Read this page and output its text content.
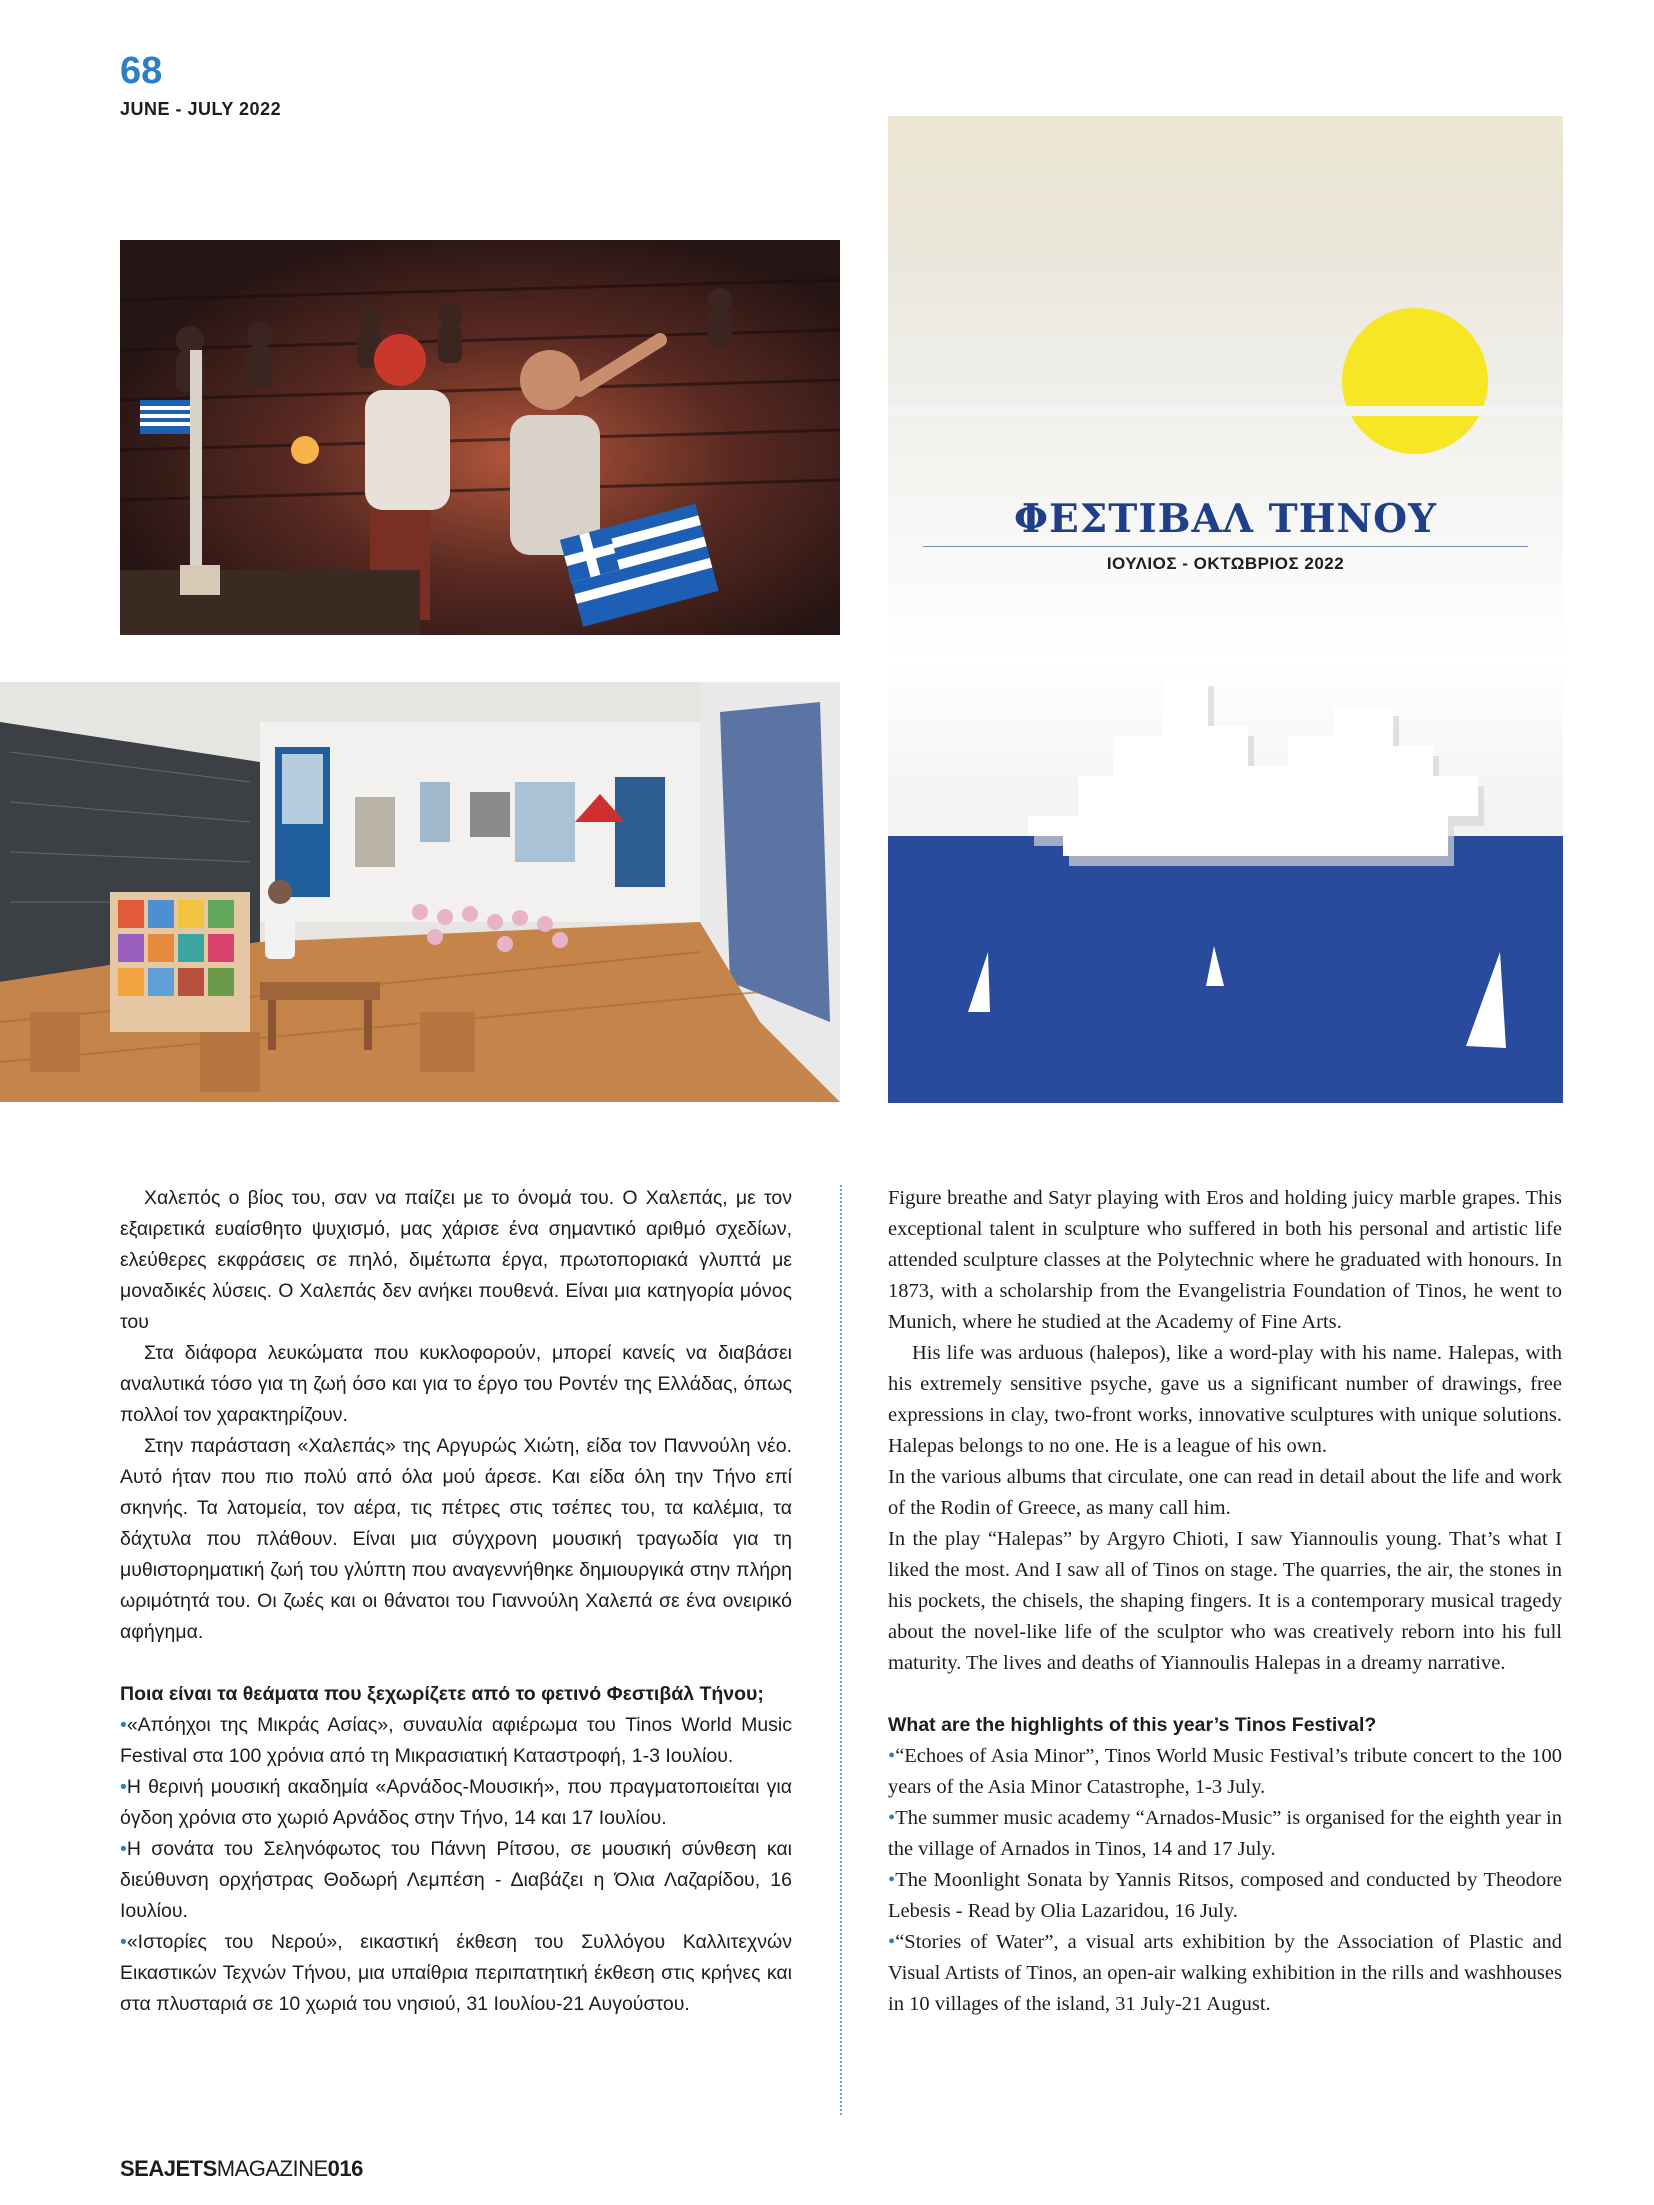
68
JUNE - JULY 2022
ΦΕΣΤΙΒΑΛ ΤΗΝΟΥ
ΙΟΥΛΙΟΣ - ΟΚΤΩΒΡΙΟΣ 2022

Χαλεπός ο βίος του, σαν να παίζει με το όνομά του. Ο Χαλεπάς, με τον εξαιρετικά ευαίσθητο ψυχισμό, μας χάρισε ένα σημαντικό αριθμό σχεδίων, ελεύθερες εκφράσεις σε πηλό, διμέτωπα έργα, πρωτοποριακά γλυπτά με μοναδικές λύσεις. Ο Χαλεπάς δεν ανήκει πουθενά. Είναι μια κατηγορία μόνος του

Στα διάφορα λευκώματα που κυκλοφορούν, μπορεί κανείς να διαβάσει αναλυτικά τόσο για τη ζωή όσο και για το έργο του Ροντέν της Ελλάδας, όπως πολλοί τον χαρακτηρίζουν.

Στην παράσταση «Χαλεπάς» της Αργυρώς Χιώτη, είδα τον Παννούλη νέο. Αυτό ήταν που πιο πολύ από όλα μού άρεσε. Και είδα όλη την Τήνο επί σκηνής. Τα λατομεία, τον αέρα, τις πέτρες στις τσέπες του, τα καλέμια, τα δάχτυλα που πλάθουν. Είναι μια σύγχρονη μουσική τραγωδία για τη μυθιστορηματική ζωή του γλύπτη που αναγεννήθηκε δημιουργικά στην πλήρη ωριμότητά του. Οι ζωές και οι θάνατοι του Γιαννούλη Χαλεπά σε ένα ονειρικό αφήγημα.

Ποια είναι τα θεάματα που ξεχωρίζετε από το φετινό Φεστιβάλ Τήνου;

• «Απόηχοι της Μικράς Ασίας», συναυλία αφιέρωμα του Tinos World Music Festival στα 100 χρόνια από τη Μικρασιατική Καταστροφή, 1-3 Ιουλίου.

• Η θερινή μουσική ακαδημία «Αρνάδος-Μουσική», που πραγματοποιείται για όγδοη χρόνια στο χωριό Αρνάδος στην Τήνο, 14 και 17 Ιουλίου.

• Η σονάτα του Σεληνόφωτος του Πάννη Ρίτσου, σε μουσική σύνθεση και διεύθυνση ορχήστρας Θοδωρή Λεμπέση - Διαβάζει η Όλια Λαζαρίδου, 16 Ιουλίου.

• «Ιστορίες του Νερού», εικαστική έκθεση του Συλλόγου Καλλιτεχνών Εικαστικών Τεχνών Τήνου, μια υπαίθρια περιπατητική έκθεση στις κρήνες και στα πλυσταριά σε 10 χωριά του νησιού, 31 Ιουλίου-21 Αυγούστου.

Figure breathe and Satyr playing with Eros and holding juicy marble grapes. This exceptional talent in sculpture who suffered in both his personal and artistic life attended sculpture classes at the Polytechnic where he graduated with honours. In 1873, with a scholarship from the Evangelistria Foundation of Tinos, he went to Munich, where he studied at the Academy of Fine Arts.

His life was arduous (halepos), like a word-play with his name. Halepas, with his extremely sensitive psyche, gave us a significant number of drawings, free expressions in clay, two-front works, innovative sculptures with unique solutions. Halepas belongs to no one. He is a league of his own.

In the various albums that circulate, one can read in detail about the life and work of the Rodin of Greece, as many call him.

In the play “Halepas” by Argyro Chioti, I saw Yiannoulis young. That’s what I liked the most. And I saw all of Tinos on stage. The quarries, the air, the stones in his pockets, the chisels, the shaping fingers. It is a contemporary musical tragedy about the novel-like life of the sculptor who was creatively reborn into his full maturity. The lives and deaths of Yiannoulis Halepas in a dreamy narrative.

What are the highlights of this year’s Tinos Festival?

• “Echoes of Asia Minor”, Tinos World Music Festival’s tribute concert to the 100 years of the Asia Minor Catastrophe, 1-3 July.

• The summer music academy “Arnados-Music” is organised for the eighth year in the village of Arnados in Tinos, 14 and 17 July.

• The Moonlight Sonata by Yannis Ritsos, composed and conducted by Theodore Lebesis - Read by Olia Lazaridou, 16 July.

• “Stories of Water”, a visual arts exhibition by the Association of Plastic and Visual Artists of Tinos, an open-air walking exhibition in the rills and washhouses in 10 villages of the island, 31 July-21 August.

SEAJETSMAGAZINE016
